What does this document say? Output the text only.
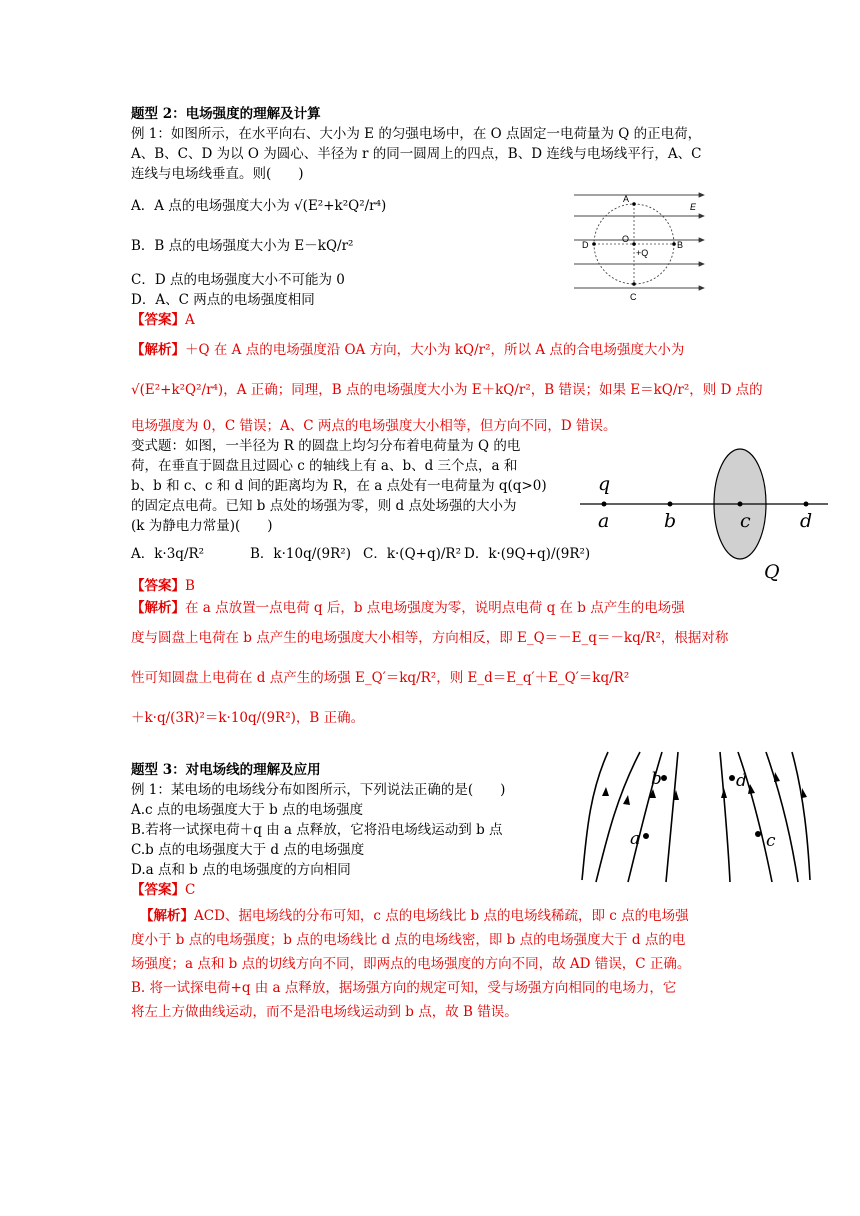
题型 2：电场强度的理解及计算
例 1：如图所示，在水平向右、大小为 E 的匀强电场中，在 O 点固定一电荷量为 Q 的正电荷，
A、B、C、D 为以 O 为圆心、半径为 r 的同一圆周上的四点，B、D 连线与电场线平行，A、C
连线与电场线垂直。则(　　)
A．A 点的电场强度大小为 √(E²+k²Q²/r⁴)
B．B 点的电场强度大小为 E－kQ/r²
C．D 点的电场强度大小不可能为 0
D．A、C 两点的电场强度相同
【答案】A
【解析】＋Q 在 A 点的电场强度沿 OA 方向，大小为 kQ/r²，所以 A 点的合电场强度大小为
√(E²+k²Q²/r⁴)，A 正确；同理，B 点的电场强度大小为 E＋kQ/r²，B 错误；如果 E＝kQ/r²，则 D 点的
电场强度为 0，C 错误；A、C 两点的电场强度大小相等，但方向不同，D 错误。
A
B
C
D
O
+Q
E
变式题：如图，一半径为 R 的圆盘上均匀分布着电荷量为 Q 的电
荷，在垂直于圆盘且过圆心 c 的轴线上有 a、b、d 三个点，a 和
b、b 和 c、c 和 d 间的距离均为 R，在 a 点处有一电荷量为 q(q>0)
的固定点电荷。已知 b 点处的场强为零，则 d 点处场强的大小为
(k 为静电力常量)(　　)
A．k·3q/R²	B．k·10q/(9R²) C．k·(Q+q)/R² D．k·(9Q+q)/(9R²)
【答案】B
【解析】在 a 点放置一点电荷 q 后，b 点电场强度为零，说明点电荷 q 在 b 点产生的电场强
度与圆盘上电荷在 b 点产生的电场强度大小相等，方向相反，即 E_Q＝－E_q＝－kq/R²，根据对称
性可知圆盘上电荷在 d 点产生的场强 E_Q′＝kq/R²，则 E_d＝E_q′＋E_Q′＝kq/R²
＋k·q/(3R)²＝k·10q/(9R²)，B 正确。
q
a	b	c	d
Q
题型 3：对电场线的理解及应用
例 1：某电场的电场线分布如图所示，下列说法正确的是(　　)
A.c 点的电场强度大于 b 点的电场强度
B.若将一试探电荷＋q 由 a 点释放，它将沿电场线运动到 b 点
C.b 点的电场强度大于 d 点的电场强度
D.a 点和 b 点的电场强度的方向相同
【答案】C
【解析】ACD、据电场线的分布可知，c 点的电场线比 b 点的电场线稀疏，即 c 点的电场强
度小于 b 点的电场强度；b 点的电场线比 d 点的电场线密，即 b 点的电场强度大于 d 点的电
场强度；a 点和 b 点的切线方向不同，即两点的电场强度的方向不同，故 AD 错误，C 正确。
B. 将一试探电荷+q 由 a 点释放，据场强方向的规定可知，受与场强方向相同的电场力，它
将左上方做曲线运动，而不是沿电场线运动到 b 点，故 B 错误。
b
a
d
c
